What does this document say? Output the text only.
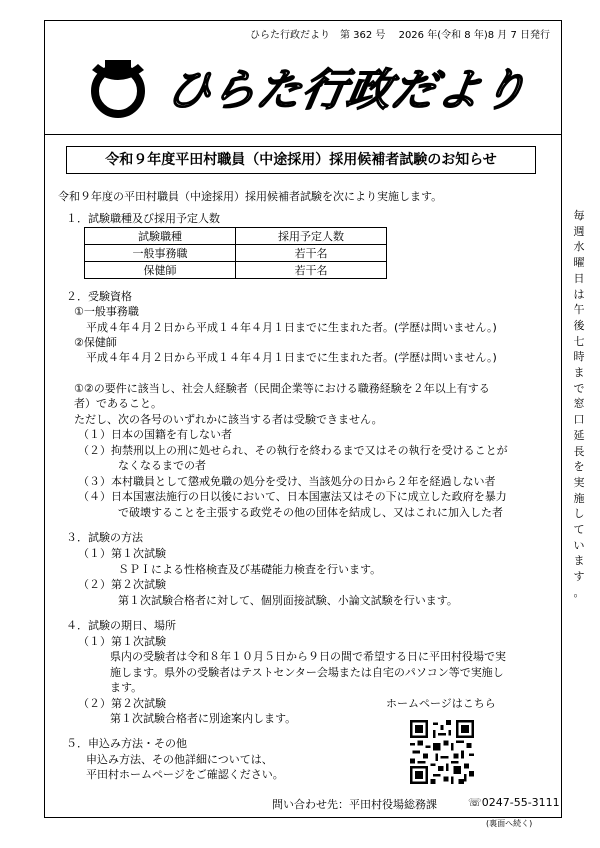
ひらた行政だより　第 362 号　 2026 年(令和 8 年)8 月 7 日発行
ひらた行政だより
令和９年度平田村職員（中途採用）採用候補者試験のお知らせ
令和９年度の平田村職員（中途採用）採用候補者試験を次により実施します。
１．試験職種及び採用予定人数
試験職種	採用予定人数
一般事務職	若干名
保健師	若干名
２．受験資格
①一般事務職
平成４年４月２日から平成１４年４月１日までに生まれた者。(学歴は問いません。)
②保健師
平成４年４月２日から平成１４年４月１日までに生まれた者。(学歴は問いません。)
①②の要件に該当し、社会人経験者（民間企業等における職務経験を２年以上有する
者）であること。
ただし、次の各号のいずれかに該当する者は受験できません。
（１）日本の国籍を有しない者
（２）拘禁刑以上の刑に処せられ、その執行を終わるまで又はその執行を受けることが
なくなるまでの者
（３）本村職員として懲戒免職の処分を受け、当該処分の日から２年を経過しない者
（４）日本国憲法施行の日以後において、日本国憲法又はその下に成立した政府を暴力
で破壊することを主張する政党その他の団体を結成し、又はこれに加入した者
３．試験の方法
（１）第１次試験
ＳＰＩによる性格検査及び基礎能力検査を行います。
（２）第２次試験
第１次試験合格者に対して、個別面接試験、小論文試験を行います。
４．試験の期日、場所
（１）第１次試験
県内の受験者は令和８年１０月５日から９日の間で希望する日に平田村役場で実
施します。県外の受験者はテストセンター会場または自宅のパソコン等で実施し
ます。
（２）第２次試験
第１次試験合格者に別途案内します。
ホームページはこちら
５．申込み方法・その他
申込み方法、その他詳細については、
平田村ホームページをご確認ください。
問い合わせ先：平田村役場総務課	☏0247-55-3111
(裏面へ続く)
毎
週
水
曜
日
は
午
後
七
時
ま
で
窓
口
延
長
を
実
施
し
て
い
ま
す
。
